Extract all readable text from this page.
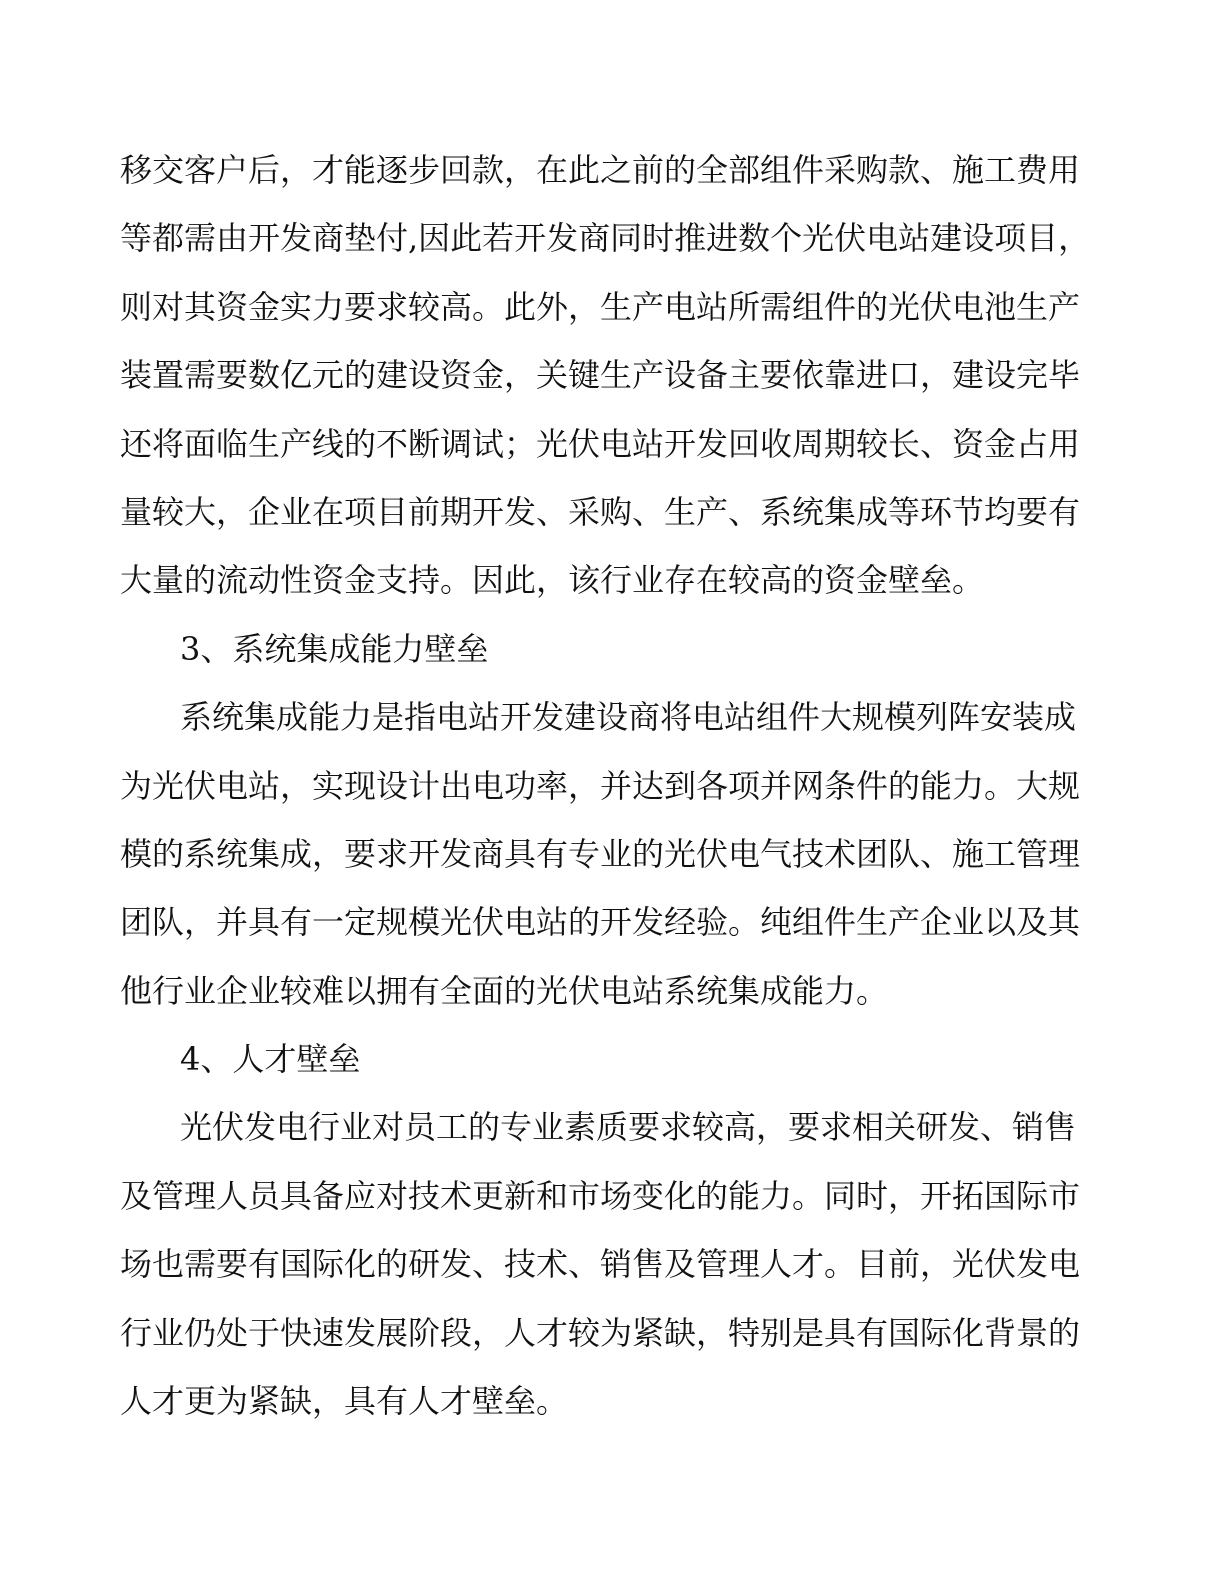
移交客户后，才能逐步回款，在此之前的全部组件采购款、施工费用
等都需由开发商垫付,因此若开发商同时推进数个光伏电站建设项目，
则对其资金实力要求较高。此外，生产电站所需组件的光伏电池生产
装置需要数亿元的建设资金，关键生产设备主要依靠进口，建设完毕
还将面临生产线的不断调试；光伏电站开发回收周期较长、资金占用
量较大，企业在项目前期开发、采购、生产、系统集成等环节均要有
大量的流动性资金支持。因此，该行业存在较高的资金壁垒。
3、系统集成能力壁垒
系统集成能力是指电站开发建设商将电站组件大规模列阵安装成
为光伏电站，实现设计出电功率，并达到各项并网条件的能力。大规
模的系统集成，要求开发商具有专业的光伏电气技术团队、施工管理
团队，并具有一定规模光伏电站的开发经验。纯组件生产企业以及其
他行业企业较难以拥有全面的光伏电站系统集成能力。
4、人才壁垒
光伏发电行业对员工的专业素质要求较高，要求相关研发、销售
及管理人员具备应对技术更新和市场变化的能力。同时，开拓国际市
场也需要有国际化的研发、技术、销售及管理人才。目前，光伏发电
行业仍处于快速发展阶段，人才较为紧缺，特别是具有国际化背景的
人才更为紧缺，具有人才壁垒。
